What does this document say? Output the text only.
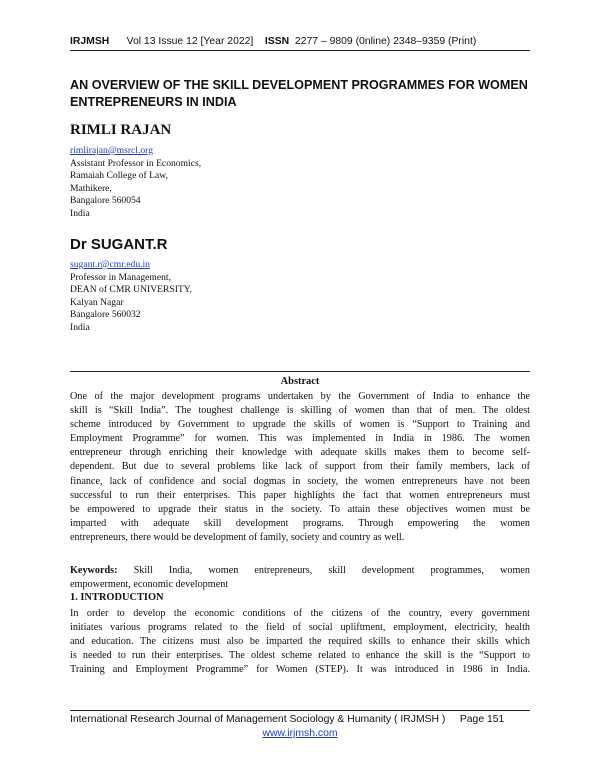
IRJMSH Vol 13 Issue 12 [Year 2022] ISSN 2277 – 9809 (0nline) 2348–9359 (Print)
AN OVERVIEW OF THE SKILL DEVELOPMENT PROGRAMMES FOR WOMEN
ENTREPRENEURS IN INDIA
RIMLI RAJAN
rimlirajan@msrcl.org
Assistant Professor in Economics,
Ramaiah College of Law,
Mathikere,
Bangalore 560054
India
Dr SUGANT.R
sugant.r@cmr.edu.in
Professor in Management,
DEAN of CMR UNIVERSITY,
Kalyan Nagar
Bangalore 560032
India
Abstract
One of the major development programs undertaken by the Government of India to enhance the
skill is “Skill India”. The toughest challenge is skilling of women than that of men. The oldest
scheme introduced by Government to upgrade the skills of women is “Support to Training and
Employment Programme” for women. This was implemented in India in 1986. The women
entrepreneur through enriching their knowledge with adequate skills makes them to become self-
dependent. But due to several problems like lack of support from their family members, lack of
finance, lack of confidence and social dogmas in society, the women entrepreneurs have not been
successful to run their enterprises. This paper highlights the fact that women entrepreneurs must
be empowered to upgrade their status in the society. To attain these objectives women must be
imparted with adequate skill development programs. Through empowering the women
entrepreneurs, there would be development of family, society and country as well.
Keywords: Skill India, women entrepreneurs, skill development programmes, women
empowerment, economic development
1. INTRODUCTION
In order to develop the economic conditions of the citizens of the country, every government
initiates various programs related to the field of social upliftment, employment, electricity, health
and education. The citizens must also be imparted the required skills to enhance their skills which
is needed to run their enterprises. The oldest scheme related to enhance the skill is the “Support to
Training and Employment Programme” for Women (STEP). It was introduced in 1986 in India.
International Research Journal of Management Sociology & Humanity ( IRJMSH ) Page 151
www.irjmsh.com
